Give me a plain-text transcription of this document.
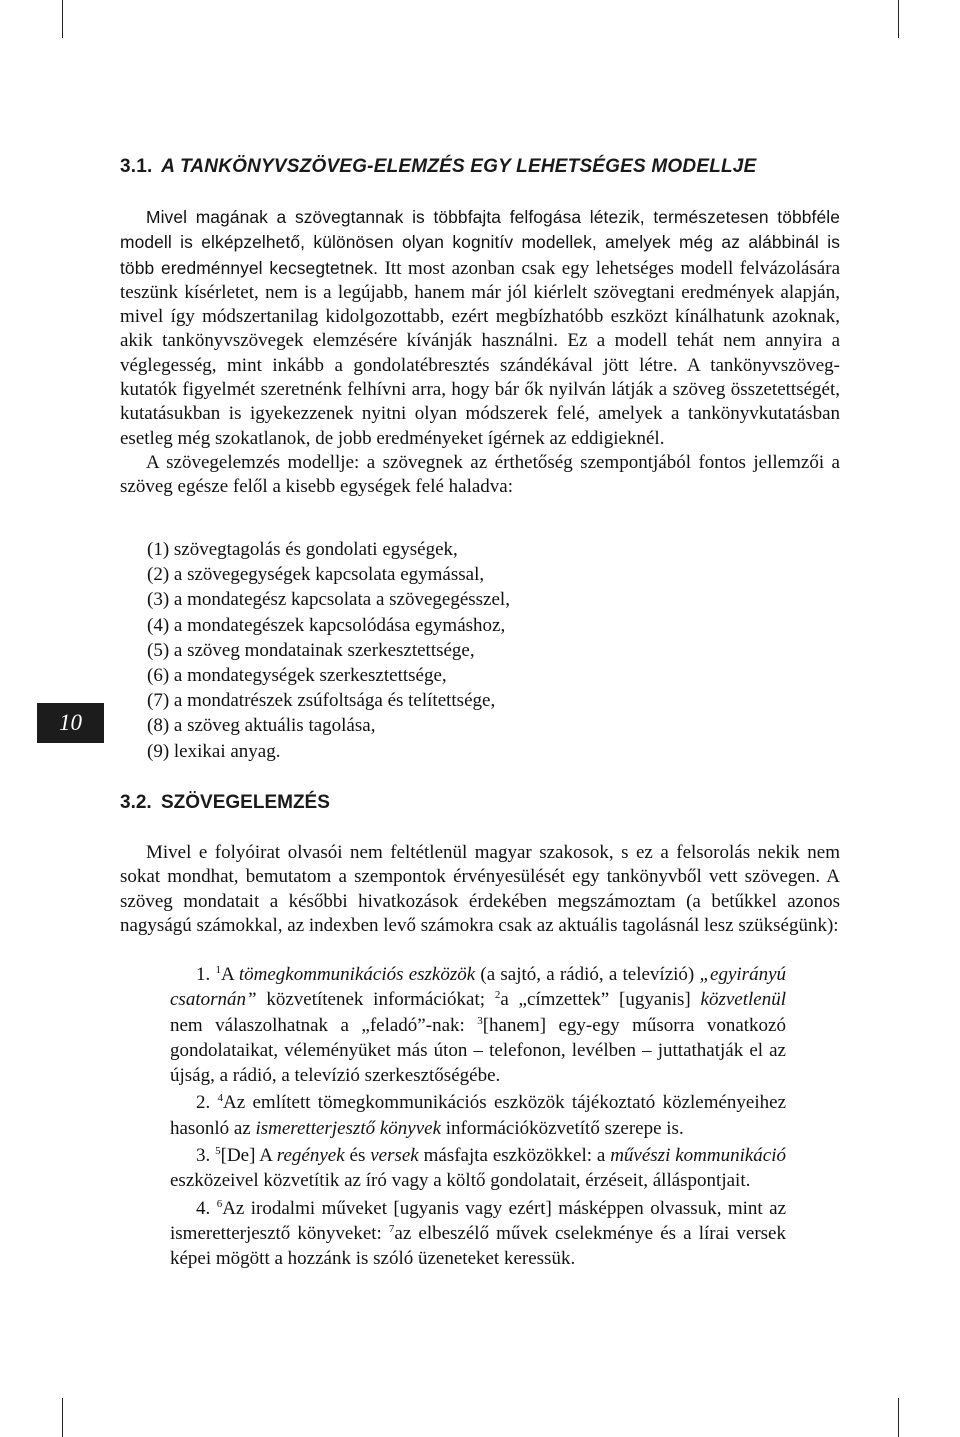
3.1. A TANKÖNYVSZÖVEG-ELEMZÉS EGY LEHETSÉGES MODELLJE

Mivel magának a szövegtannak is többfajta felfogása létezik, természetesen többféle modell is elképzelhető, különösen olyan kognitív modellek, amelyek még az alábbinál is több eredménnyel kecsegtetnek. Itt most azonban csak egy lehetséges modell felvázolására teszünk kísérletet, nem is a legújabb, hanem már jól kiérlelt szövegtani eredmények alapján, mivel így módszertanilag kidolgozottabb, ezért megbízhatóbb eszközt kínálhatunk azoknak, akik tankönyvszövegek elemzésére kívánják használni. Ez a modell tehát nem annyira a véglegesség, mint inkább a gondolatébresztés szándékával jött létre. A tankönyvszöveg-kutatók figyelmét szeretnénk felhívni arra, hogy bár ők nyilván látják a szöveg összetettségét, kutatásukban is igyekezzenek nyitni olyan módszerek felé, amelyek a tankönyvkutatásban esetleg még szokatlanok, de jobb eredményeket ígérnek az eddigieknél.

A szövegelemzés modellje: a szövegnek az érthetőség szempontjából fontos jellemzői a szöveg egésze felől a kisebb egységek felé haladva:

(1) szövegtagolás és gondolati egységek,
(2) a szövegegységek kapcsolata egymással,
(3) a mondategész kapcsolata a szövegegésszel,
(4) a mondategészek kapcsolódása egymáshoz,
(5) a szöveg mondatainak szerkesztettsége,
(6) a mondategységek szerkesztettsége,
(7) a mondatrészek zsúfoltsága és telítettsége,
(8) a szöveg aktuális tagolása,
(9) lexikai anyag.
10
3.2. SZÖVEGELEMZÉS

Mivel e folyóirat olvasói nem feltétlenül magyar szakosok, s ez a felsorolás nekik nem sokat mondhat, bemutatom a szempontok érvényesülését egy tankönyvből vett szövegen. A szöveg mondatait a későbbi hivatkozások érdekében megszámoztam (a betűkkel azonos nagyságú számokkal, az indexben levő számokra csak az aktuális tagolásnál lesz szükségünk):

1. $^1$A tömegkommunikációs eszközök (a sajtó, a rádió, a televízió) „egyirányú csatornán” közvetítenek információkat; $^2$a „címzettek” [ugyanis] közvetlenül nem válaszolhatnak a „feladó”-nak: $^3$[hanem] egy-egy műsorra vonatkozó gondolataikat, véleményüket más úton – telefonon, levélben – juttathatják el az újság, a rádió, a televízió szerkesztőségébe.
2. $^4$Az említett tömegkommunikációs eszközök tájékoztató közleményeihez hasonló az ismeretterjesztő könyvek információközvetítő szerepe is.
3. $^5$[De] A regények és versek másfajta eszközökkel: a művészi kommunikáció eszközeivel közvetítik az író vagy a költő gondolatait, érzéseit, álláspontjait.
4. $^6$Az irodalmi műveket [ugyanis vagy ezért] másképpen olvassuk, mint az ismeretterjesztő könyveket: $^7$az elbeszélő művek cselekménye és a lírai versek képei mögött a hozzánk is szóló üzeneteket keressük.
